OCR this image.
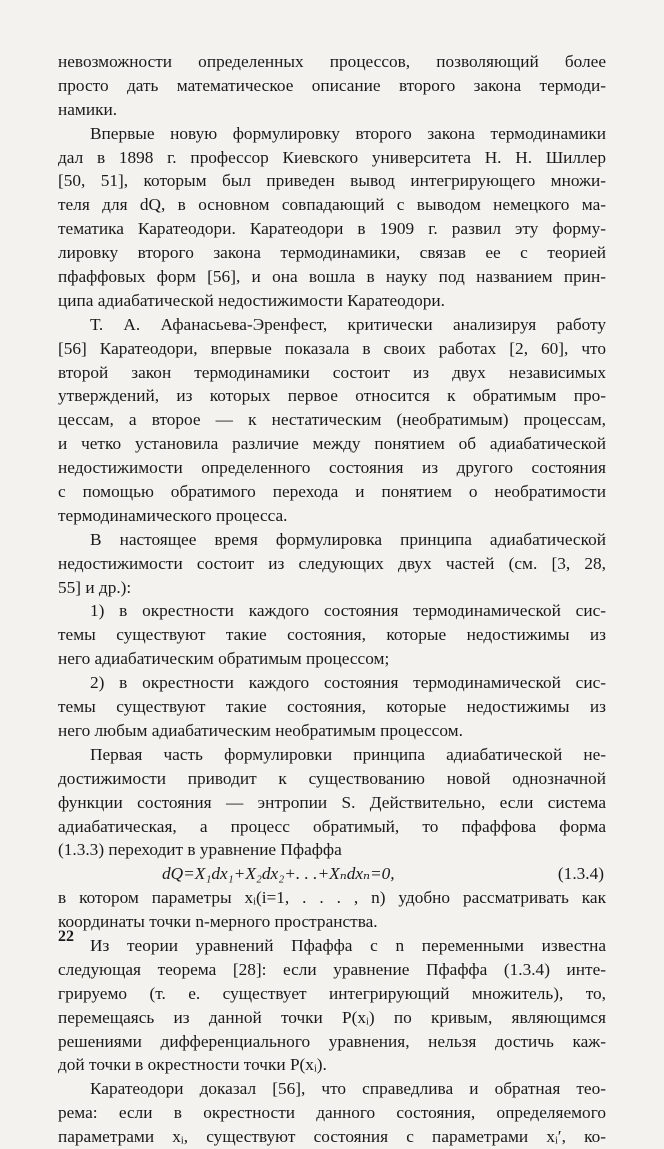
невозможности определенных процессов, позволяющий более
просто дать математическое описание второго закона термоди-
намики.
Впервые новую формулировку второго закона термодинамики
дал в 1898 г. профессор Киевского университета Н. Н. Шиллер
[50, 51], которым был приведен вывод интегрирующего множи-
теля для dQ, в основном совпадающий с выводом немецкого ма-
тематика Каратеодори. Каратеодори в 1909 г. развил эту форму-
лировку второго закона термодинамики, связав ее с теорией
пфаффовых форм [56], и она вошла в науку под названием прин-
ципа адиабатической недостижимости Каратеодори.
Т. А. Афанасьева-Эренфест, критически анализируя работу
[56] Каратеодори, впервые показала в своих работах [2, 60], что
второй закон термодинамики состоит из двух независимых
утверждений, из которых первое относится к обратимым про-
цессам, а второе — к нестатическим (необратимым) процессам,
и четко установила различие между понятием об адиабатической
недостижимости определенного состояния из другого состояния
с помощью обратимого перехода и понятием о необратимости
термодинамического процесса.
В настоящее время формулировка принципа адиабатической
недостижимости состоит из следующих двух частей (см. [3, 28,
55] и др.):
1) в окрестности каждого состояния термодинамической сис-
темы существуют такие состояния, которые недостижимы из
него адиабатическим обратимым процессом;
2) в окрестности каждого состояния термодинамической сис-
темы существуют такие состояния, которые недостижимы из
него любым адиабатическим необратимым процессом.
Первая часть формулировки принципа адиабатической не-
достижимости приводит к существованию новой однозначной
функции состояния — энтропии S. Действительно, если система
адиабатическая, а процесс обратимый, то пфаффова форма
(1.3.3) переходит в уравнение Пфаффа
dQ=X₁dx₁+X₂dx₂+. . .+Xₙdxₙ=0,	(1.3.4)
в котором параметры xᵢ(i=1, . . . , n) удобно рассматривать как
координаты точки n-мерного пространства.
Из теории уравнений Пфаффа с n переменными известна
следующая теорема [28]: если уравнение Пфаффа (1.3.4) инте-
грируемо (т. е. существует интегрирующий множитель), то,
перемещаясь из данной точки P(xᵢ) по кривым, являющимся
решениями дифференциального уравнения, нельзя достичь каж-
дой точки в окрестности точки P(xᵢ).
Каратеодори доказал [56], что справедлива и обратная тео-
рема: если в окрестности данного состояния, определяемого
параметрами xᵢ, существуют состояния с параметрами xᵢ′, ко-
22
